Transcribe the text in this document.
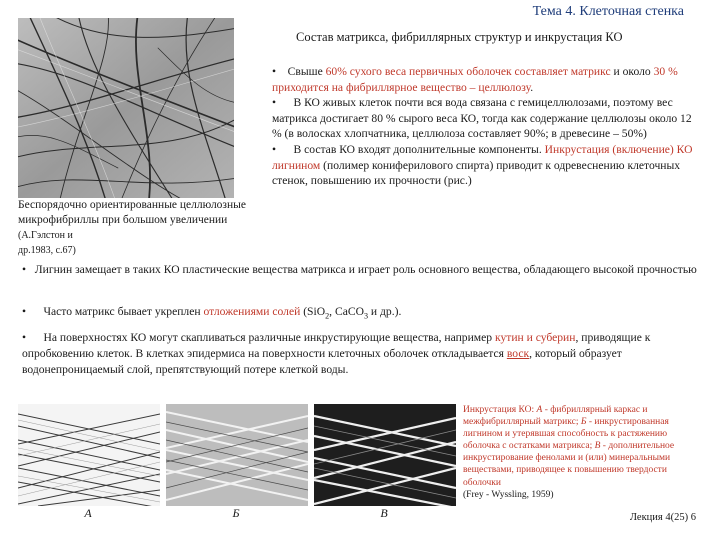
Тема 4. Клеточная стенка
Состав матрикса, фибриллярных структур и инкрустация КО
Беспорядочно ориентированные целлюлозные микрофибриллы при большом увеличении (А.Гэлстон и
др.1983, с.67)

•    Свыше 60% сухого веса первичных оболочек составляет матрикс и около 30 % приходится на фибриллярное вещество – целлюлозу.

•      В КО живых клеток почти вся вода связана с гемицеллюлозами, поэтому вес матрикса достигает 80 % сырого веса КО, тогда как содержание целлюлозы около 12 % (в волосках хлопчатника, целлюлоза составляет 90%; в древесине – 50%)

•      В состав КО входят дополнительные компоненты. Инкрустация (включение) КО лигнином (полимер кониферилового спирта) приводит к одревеснению клеточных стенок, повышению их прочности (рис.)

•   Лигнин замещает в таких КО пластические вещества матрикса и играет роль основного вещества, обладающего высокой прочностью

•      Часто матрикс бывает укреплен отложениями солей (SiO$_2$, CaCO$_3$ и др.).

•      На поверхностях КО могут скапливаться различные инкрустирующие вещества, например кутин и суберин, приводящие к опробковению клеток. В клетках эпидермиса на поверхности клеточных оболочек откладывается воск, который образует водонепроницаемый слой, препятствующий потере клеткой воды.

А	Б	В
Инкрустация КО: А - фибриллярный каркас и межфибриллярный матрикс; Б - инкрустированная лигнином и утерявшая способность к растяжению оболочка с остатками матрикса; В - дополнительное инкрустирование фенолами и (или) минеральными веществами, приводящее к повышению твердости оболочки
(Frey - Wyssling, 1959)
Лекция 4(25) 6
